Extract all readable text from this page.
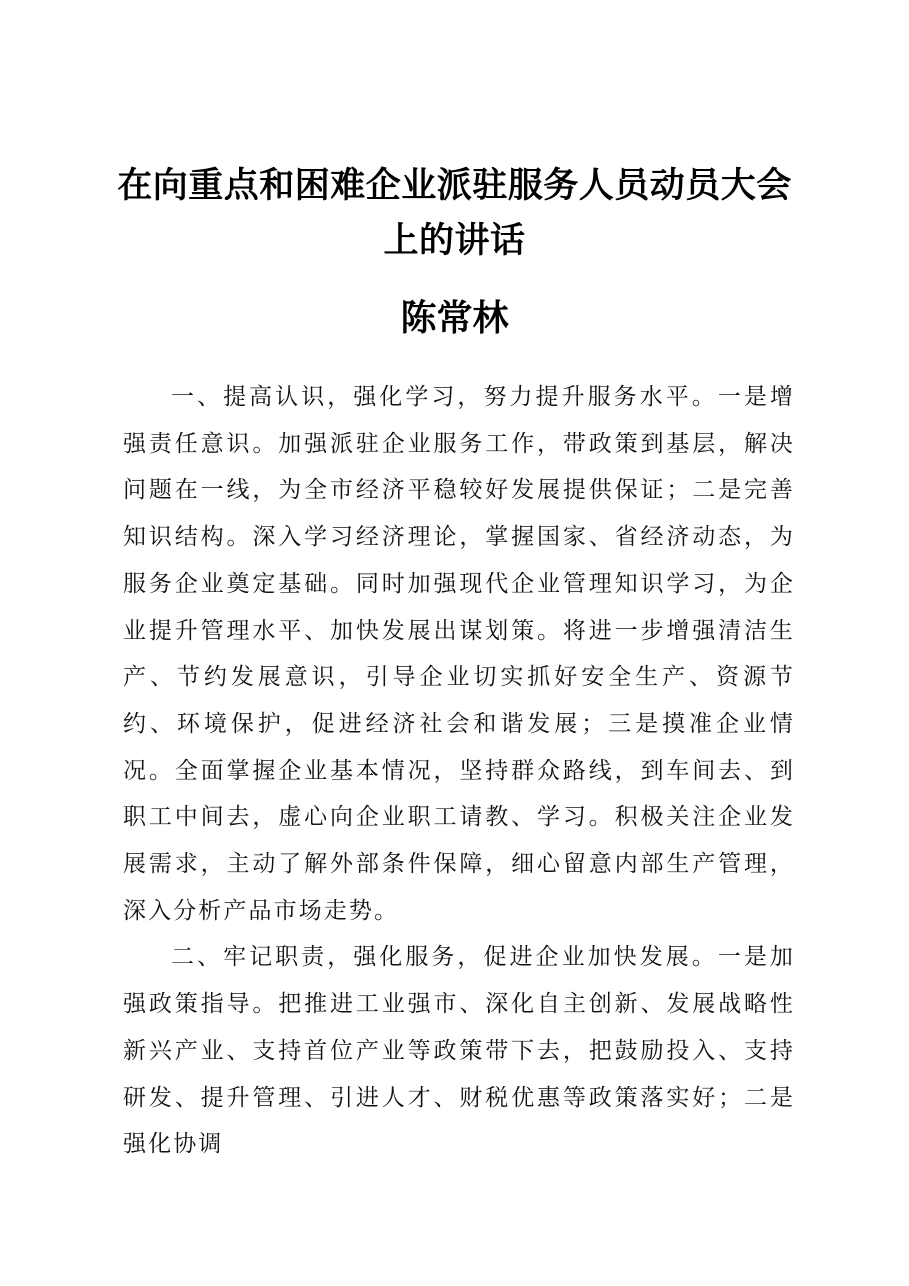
在向重点和困难企业派驻服务人员动员大会上的讲话
陈常林

一、提高认识，强化学习，努力提升服务水平。一是增强责任意识。加强派驻企业服务工作，带政策到基层，解决问题在一线，为全市经济平稳较好发展提供保证；二是完善知识结构。深入学习经济理论，掌握国家、省经济动态，为服务企业奠定基础。同时加强现代企业管理知识学习，为企业提升管理水平、加快发展出谋划策。将进一步增强清洁生产、节约发展意识，引导企业切实抓好安全生产、资源节约、环境保护，促进经济社会和谐发展；三是摸准企业情况。全面掌握企业基本情况，坚持群众路线，到车间去、到职工中间去，虚心向企业职工请教、学习。积极关注企业发展需求，主动了解外部条件保障，细心留意内部生产管理，深入分析产品市场走势。

二、牢记职责，强化服务，促进企业加快发展。一是加强政策指导。把推进工业强市、深化自主创新、发展战略性新兴产业、支持首位产业等政策带下去，把鼓励投入、支持研发、提升管理、引进人才、财税优惠等政策落实好；二是强化协调
